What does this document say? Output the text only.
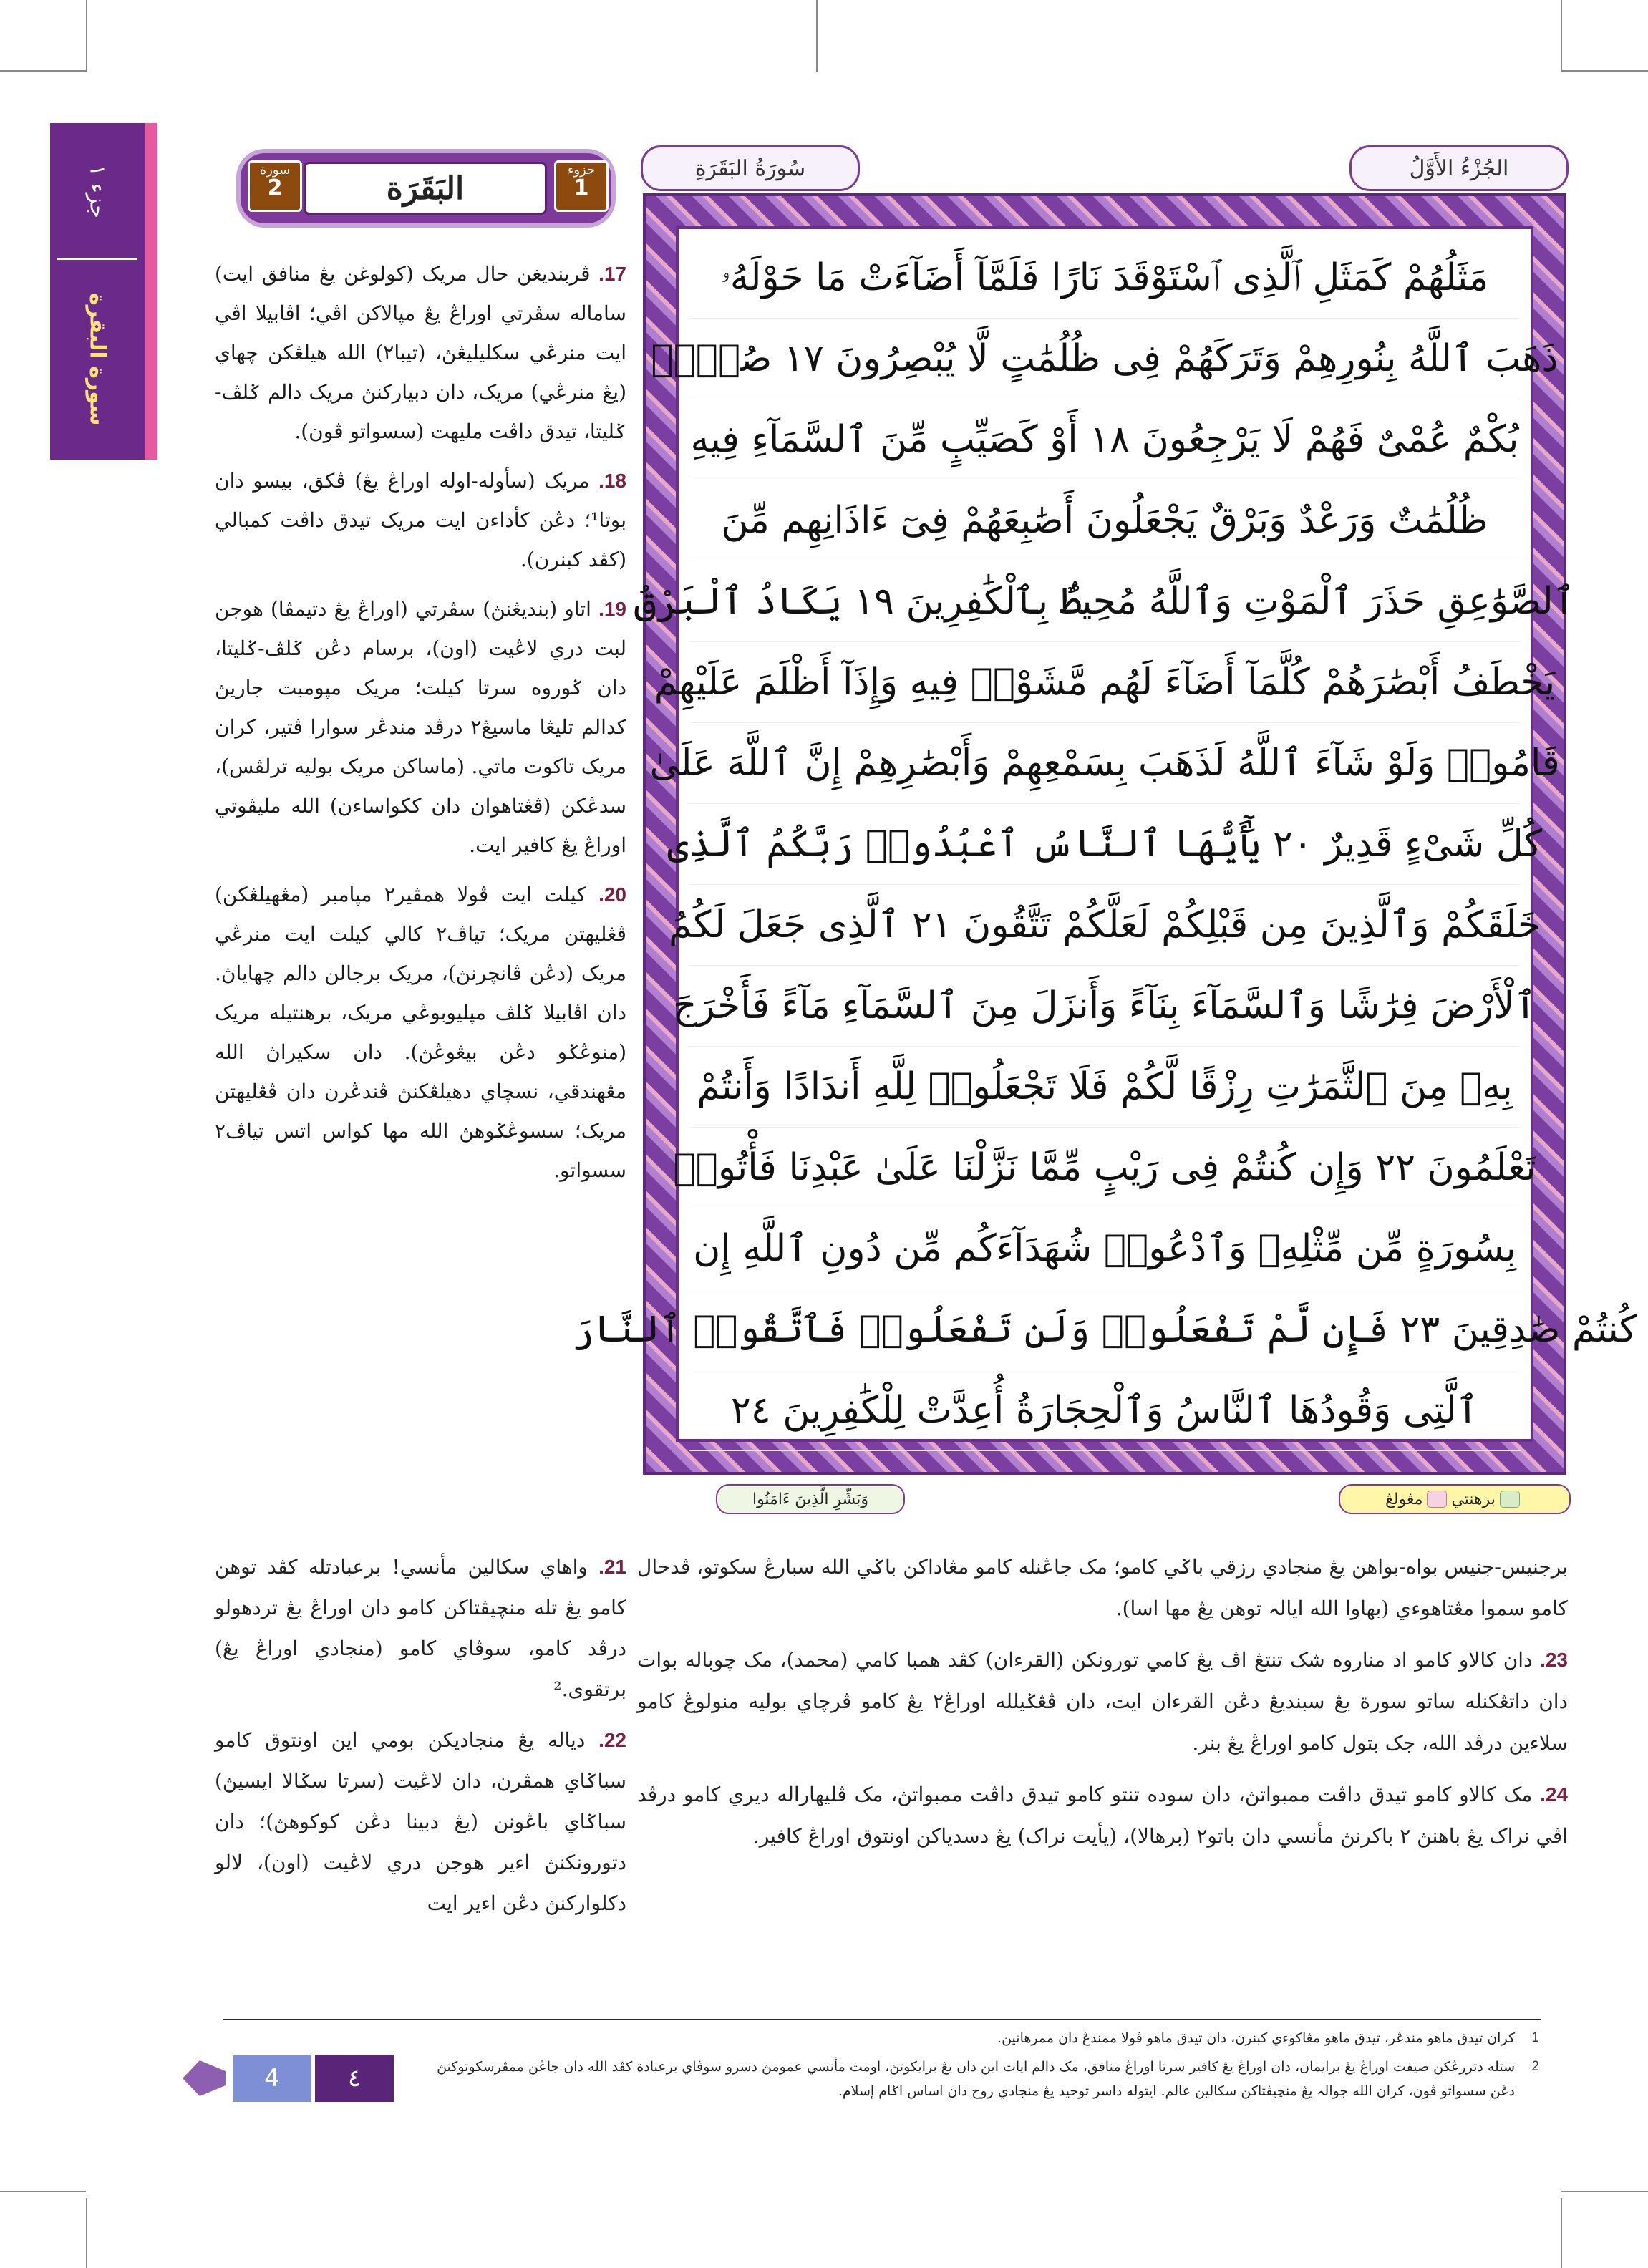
جزء ١
سورة البقرة
سورة
2	البَقَرَة	جزوء
1

17. ڤربنديغن حال مريک (كولوغن يڠ منافق ايت) ساماله سڤرتي اوراڠ يڠ مپالاكن اڤي؛ اڤابيلا اڤي ايت منرڠي سكليليڠڽ، (تيبا٢) الله هيلڠكن چهاي (يڠ منرڠي) مريک، دان دبياركنڽ مريک دالم ݢلڤ-ݢليتا، تيدق داڤت مليهت (سسواتو ڤون).

18. مريک (سأوله-اوله اوراڠ يڠ) ڤكق، بيسو دان بوتا¹؛ دڠن كأداءن ايت مريک تيدق داڤت كمبالي (كڤد كبنرن).

19. اتاو (بنديڠنڽ) سڤرتي (اوراڠ يڠ دتيمڤا) هوجن لبت دري لاڠيت (اون)، برسام دڠن ݢلڤ-ݢليتا، دان ݢوروه سرتا كيلت؛ مريک مپومبت جاريڽ كدالم تليڠا ماسيڠ٢ درڤد مندڠر سوارا ڤتير، كران مريک تاكوت ماتي. (ماساكن مريک بوليه ترلڤس)، سدڠكن (ڤڠتاهوان دان ككواساءن) الله مليڤوتي اوراڠ يڠ كافير ايت.

20. كيلت ايت ڤولا همڤير٢ مپامبر (مڠهيلڠكن) ڤڠليهتن مريک؛ تياڤ٢ كالي كيلت ايت منرڠي مريک (دڠن ڤانچرنڽ)، مريک برجالن دالم چهاياڽ. دان اڤابيلا ݢلڤ مڽليوبوڠي مريک، برهنتيله مريک (منوڠݢو دڠن بيڠوڠڽ). دان سكيراڽ الله مڠهندقي، نسچاي دهيلڠكنڽ ڤندڠرن دان ڤڠليهتن مريک؛ سسوڠݢوهڽ الله مها كواس اتس تياڤ٢ سسواتو.

سُورَةُ البَقَرَةِ	الجُزْءُ الأَوَّلُ
مَثَلُهُمْ كَمَثَلِ ٱلَّذِى ٱسْتَوْقَدَ نَارًا فَلَمَّآ أَضَآءَتْ مَا حَوْلَهُۥ
ذَهَبَ ٱللَّهُ بِنُورِهِمْ وَتَرَكَهُمْ فِى ظُلُمَٰتٍ لَّا يُبْصِرُونَ ١٧ صُمٌّۢ
بُكْمٌ عُمْىٌ فَهُمْ لَا يَرْجِعُونَ ١٨ أَوْ كَصَيِّبٍ مِّنَ ٱلسَّمَآءِ فِيهِ
ظُلُمَٰتٌ وَرَعْدٌ وَبَرْقٌ يَجْعَلُونَ أَصَٰبِعَهُمْ فِىٓ ءَاذَانِهِم مِّنَ
ٱلصَّوَٰعِقِ حَذَرَ ٱلْمَوْتِ وَٱللَّهُ مُحِيطٌۢ بِٱلْكَٰفِرِينَ ١٩ يَكَادُ ٱلْبَرْقُ
يَخْطَفُ أَبْصَٰرَهُمْ كُلَّمَآ أَضَآءَ لَهُم مَّشَوْا۟ فِيهِ وَإِذَآ أَظْلَمَ عَلَيْهِمْ
قَامُوا۟ وَلَوْ شَآءَ ٱللَّهُ لَذَهَبَ بِسَمْعِهِمْ وَأَبْصَٰرِهِمْ إِنَّ ٱللَّهَ عَلَىٰ
كُلِّ شَىْءٍ قَدِيرٌ ٢٠ يَٰٓأَيُّهَا ٱلنَّاسُ ٱعْبُدُوا۟ رَبَّكُمُ ٱلَّذِى
خَلَقَكُمْ وَٱلَّذِينَ مِن قَبْلِكُمْ لَعَلَّكُمْ تَتَّقُونَ ٢١ ٱلَّذِى جَعَلَ لَكُمُ
ٱلْأَرْضَ فِرَٰشًا وَٱلسَّمَآءَ بِنَآءً وَأَنزَلَ مِنَ ٱلسَّمَآءِ مَآءً فَأَخْرَجَ
بِهِۦ مِنَ ٱلثَّمَرَٰتِ رِزْقًا لَّكُمْ فَلَا تَجْعَلُوا۟ لِلَّهِ أَندَادًا وَأَنتُمْ
تَعْلَمُونَ ٢٢ وَإِن كُنتُمْ فِى رَيْبٍ مِّمَّا نَزَّلْنَا عَلَىٰ عَبْدِنَا فَأْتُوا۟
بِسُورَةٍ مِّن مِّثْلِهِۦ وَٱدْعُوا۟ شُهَدَآءَكُم مِّن دُونِ ٱللَّهِ إِن
كُنتُمْ صَٰدِقِينَ ٢٣ فَإِن لَّمْ تَفْعَلُوا۟ وَلَن تَفْعَلُوا۟ فَٱتَّقُوا۟ ٱلنَّارَ
ٱلَّتِى وَقُودُهَا ٱلنَّاسُ وَٱلْحِجَارَةُ أُعِدَّتْ لِلْكَٰفِرِينَ ٢٤
وَبَشِّرِ الَّذِينَ ءَامَنُوا	برهنتي
مڠولڠ

برجنيس-جنيس بواه-بواهن يڠ منجادي رزقي باݢي كامو؛ مک جاڠنله كامو مڠاداكن باݢي الله سبارڠ سكوتو، ڤدحال كامو سموا مڠتاهوءي (بهاوا الله ايالہ توهن يڠ مها اسا).

23. دان كالاو كامو اد مناروه شک تنتڠ اڤ يڠ كامي تورونكن (القرءان) كڤد همبا كامي (محمد)، مک چوباله بوات دان داتڠكنله ساتو سورة يڠ سبنديڠ دڠن القرءان ايت، دان ڤڠݢيلله اوراڠ٢ يڠ كامو ڤرچاي بوليه منولوڠ كامو سلاءين درڤد الله، جک بتول كامو اوراڠ يڠ بنر.

24. مک كالاو كامو تيدق داڤت ممبواتڽ، دان سوده تنتو كامو تيدق داڤت ممبواتڽ، مک ڤليهاراله ديري كامو درڤد اڤي نراک يڠ باهنڽ ٢ باكرنڽ مأنسي دان باتو٢ (برهالا)، (يأيت نراک) يڠ دسدياكن اونتوق اوراڠ كافير.

21. واهاي سكالين مأنسي! برعبادتله كڤد توهن كامو يڠ تله منچيڤتاكن كامو دان اوراڠ يڠ تردهولو درڤد كامو، سوڤاي كامو (منجادي اوراڠ يڠ) برتقوى.²

22. دياله يڠ منجاديكن بومي اين اونتوق كامو سباݢاي همڤرن، دان لاڠيت (سرتا سݢالا ايسيڽ) سباݢاي باڠونن (يڠ دبينا دڠن كوكوهڽ)؛ دان دتورونكنڽ اءير هوجن دري لاڠيت (اون)، لالو دكلواركنڽ دڠن اءير ايت

1
كران تيدق ماهو مندڠر، تيدق ماهو مڠاكوءي كبنرن، دان تيدق ماهو ڤولا ممندڠ دان ممرهاتين.
2
ستله دتررڠكن صيفت اوراڠ يڠ برايمان، دان اوراڠ يڠ كافير سرتا اوراڠ منافق، مک دالم ايات اين دان يڠ برايكوتڽ، اومت مأنسي عمومڽ دسرو سوڤاي برعبادة كڤد الله دان جاڠن ممڤرسكوتوكنڽ دڠن سسواتو ڤون، كران الله جوالہ يڠ منچيڤتاكن سكالين عالم. ايتوله داسر توحيد يڠ منجادي روح دان اساس اݢام إسلام.
4	٤
